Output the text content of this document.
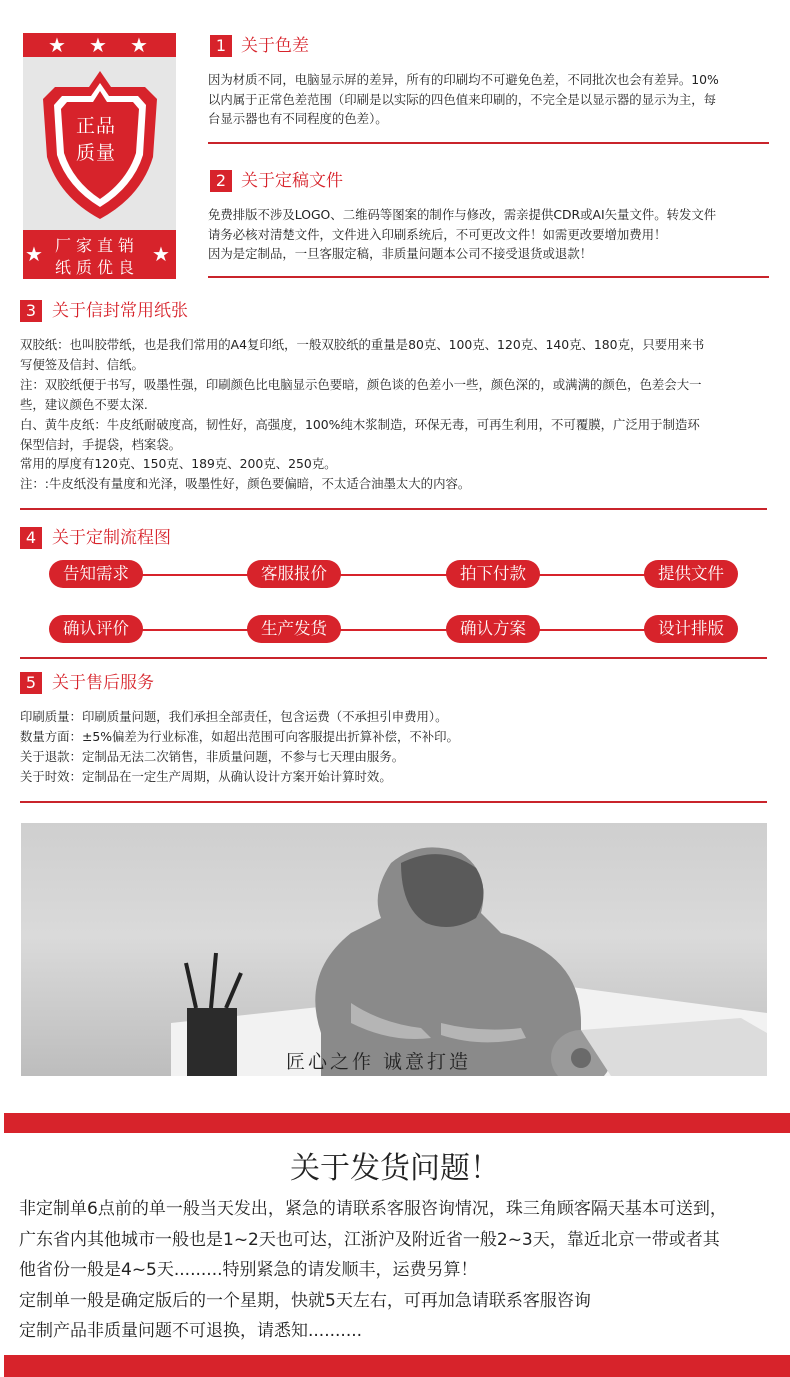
★ ★ ★
正品
质量
★ 厂家直销
纸质优良
★
1 关于色差
因为材质不同，电脑显示屏的差异，所有的印刷均不可避免色差，不同批次也会有差异。10%
以内属于正常色差范围（印刷是以实际的四色值来印刷的，不完全是以显示器的显示为主，每
台显示器也有不同程度的色差）。
2 关于定稿文件
免费排版不涉及LOGO、二维码等图案的制作与修改，需亲提供CDR或AI矢量文件。转发文件
请务必核对清楚文件，文件进入印刷系统后，不可更改文件！如需更改要增加费用！
因为是定制品，一旦客服定稿，非质量问题本公司不接受退货或退款！
3 关于信封常用纸张
双胶纸：也叫胶带纸，也是我们常用的A4复印纸，一般双胶纸的重量是80克、100克、120克、140克、180克，只要用来书
写便签及信封、信纸。
注：双胶纸便于书写，吸墨性强，印刷颜色比电脑显示色要暗，颜色谈的色差小一些，颜色深的，或满满的颜色，色差会大一
些，建议颜色不要太深.
白、黄牛皮纸：牛皮纸耐破度高，韧性好，高强度，100%纯木浆制造，环保无毒，可再生利用，不可覆膜，广泛用于制造环
保型信封，手提袋，档案袋。
常用的厚度有120克、150克、189克、200克、250克。
注：:牛皮纸没有量度和光泽，吸墨性好，颜色要偏暗，不太适合油墨太大的内容。
4 关于定制流程图
告知需求	客服报价	拍下付款	提供文件
确认评价	生产发货	确认方案	设计排版
5 关于售后服务
印刷质量：印刷质量问题，我们承担全部责任，包含运费（不承担引申费用）。
数量方面：±5%偏差为行业标准，如超出范围可向客服提出折算补偿，不补印。
关于退款：定制品无法二次销售，非质量问题，不参与七天理由服务。
关于时效：定制品在一定生产周期，从确认设计方案开始计算时效。
匠心之作 诚意打造
关于发货问题！
非定制单6点前的单一般当天发出，紧急的请联系客服咨询情况，珠三角顾客隔天基本可送到，
广东省内其他城市一般也是1~2天也可达，江浙沪及附近省一般2~3天，靠近北京一带或者其
他省份一般是4~5天.........特别紧急的请发顺丰，运费另算！
定制单一般是确定版后的一个星期，快就5天左右，可再加急请联系客服咨询
定制产品非质量问题不可退换，请悉知..........
